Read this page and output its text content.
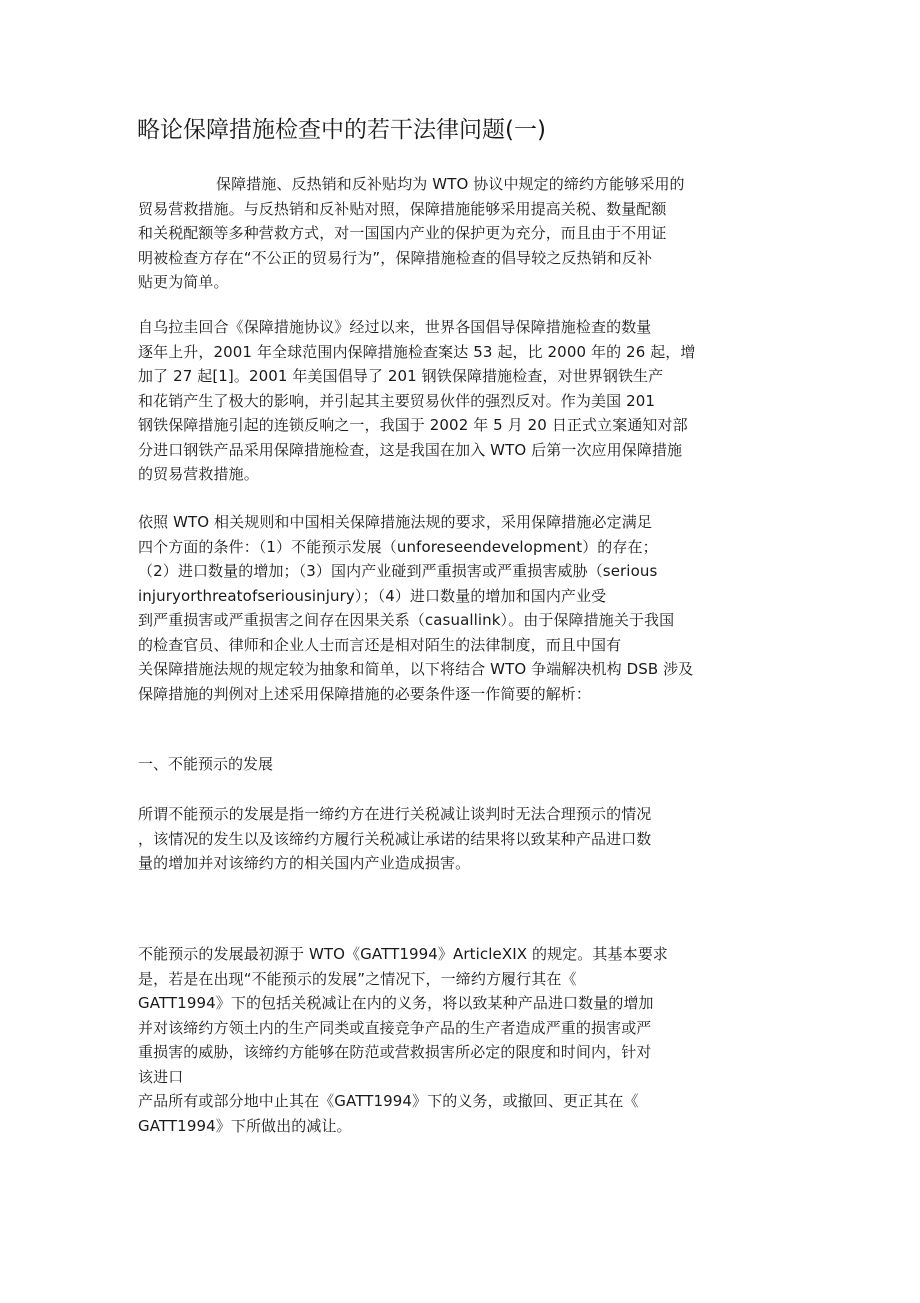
略论保障措施检查中的若干法律问题(一)
保障措施、反热销和反补贴均为 WTO 协议中规定的缔约方能够采用的
贸易营救措施。与反热销和反补贴对照，保障措施能够采用提高关税、数量配额
和关税配额等多种营救方式，对一国国内产业的保护更为充分，而且由于不用证
明被检查方存在“不公正的贸易行为”，保障措施检查的倡导较之反热销和反补
贴更为简单。
自乌拉圭回合《保障措施协议》经过以来，世界各国倡导保障措施检查的数量
逐年上升，2001 年全球范围内保障措施检查案达 53 起，比 2000 年的 26 起，增
加了 27 起[1]。2001 年美国倡导了 201 钢铁保障措施检查，对世界钢铁生产
和花销产生了极大的影响，并引起其主要贸易伙伴的强烈反对。作为美国 201
钢铁保障措施引起的连锁反响之一，我国于 2002 年 5 月 20 日正式立案通知对部
分进口钢铁产品采用保障措施检查，这是我国在加入 WTO 后第一次应用保障措施
的贸易营救措施。
依照 WTO 相关规则和中国相关保障措施法规的要求，采用保障措施必定满足
四个方面的条件：（1）不能预示发展（unforeseendevelopment）的存在；
（2）进口数量的增加；（3）国内产业碰到严重损害或严重损害威胁（serious
injuryorthreatofseriousinjury）；（4）进口数量的增加和国内产业受
到严重损害或严重损害之间存在因果关系（casuallink）。由于保障措施关于我国
的检查官员、律师和企业人士而言还是相对陌生的法律制度，而且中国有
关保障措施法规的规定较为抽象和简单，以下将结合 WTO 争端解决机构 DSB 涉及
保障措施的判例对上述采用保障措施的必要条件逐一作简要的解析：
一、不能预示的发展
所谓不能预示的发展是指一缔约方在进行关税减让谈判时无法合理预示的情况
，该情况的发生以及该缔约方履行关税减让承诺的结果将以致某种产品进口数
量的增加并对该缔约方的相关国内产业造成损害。
不能预示的发展最初源于 WTO《GATT1994》ArticleXIX 的规定。其基本要求
是，若是在出现“不能预示的发展”之情况下，一缔约方履行其在《
GATT1994》下的包括关税减让在内的义务，将以致某种产品进口数量的增加
并对该缔约方领土内的生产同类或直接竞争产品的生产者造成严重的损害或严
重损害的威胁，该缔约方能够在防范或营救损害所必定的限度和时间内，针对
该进口
产品所有或部分地中止其在《GATT1994》下的义务，或撤回、更正其在《
GATT1994》下所做出的减让。
